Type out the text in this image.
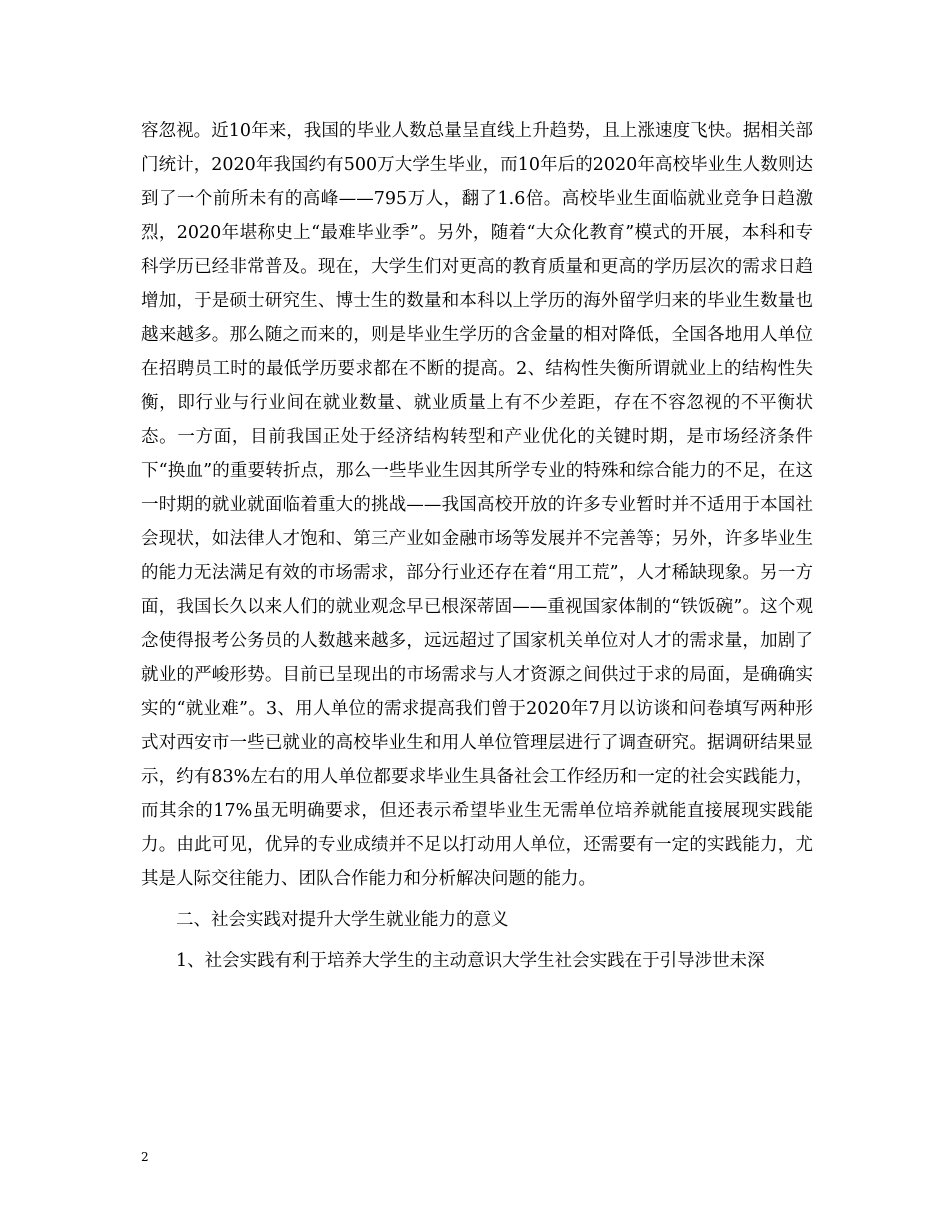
容忽视。近10年来，我国的毕业人数总量呈直线上升趋势，且上涨速度飞快。据相关部门统计，2020年我国约有500万大学生毕业，而10年后的2020年高校毕业生人数则达到了一个前所未有的高峰——795万人，翻了1.6倍。高校毕业生面临就业竞争日趋激烈，2020年堪称史上“最难毕业季”。另外，随着“大众化教育”模式的开展，本科和专科学历已经非常普及。现在，大学生们对更高的教育质量和更高的学历层次的需求日趋增加，于是硕士研究生、博士生的数量和本科以上学历的海外留学归来的毕业生数量也越来越多。那么随之而来的，则是毕业生学历的含金量的相对降低，全国各地用人单位在招聘员工时的最低学历要求都在不断的提高。2、结构性失衡所谓就业上的结构性失衡，即行业与行业间在就业数量、就业质量上有不少差距，存在不容忽视的不平衡状态。一方面，目前我国正处于经济结构转型和产业优化的关键时期，是市场经济条件下“换血”的重要转折点，那么一些毕业生因其所学专业的特殊和综合能力的不足，在这一时期的就业就面临着重大的挑战——我国高校开放的许多专业暂时并不适用于本国社会现状，如法律人才饱和、第三产业如金融市场等发展并不完善等；另外，许多毕业生的能力无法满足有效的市场需求，部分行业还存在着“用工荒”，人才稀缺现象。另一方面，我国长久以来人们的就业观念早已根深蒂固——重视国家体制的“铁饭碗”。这个观念使得报考公务员的人数越来越多，远远超过了国家机关单位对人才的需求量，加剧了就业的严峻形势。目前已呈现出的市场需求与人才资源之间供过于求的局面，是确确实实的“就业难”。3、用人单位的需求提高我们曾于2020年7月以访谈和问卷填写两种形式对西安市一些已就业的高校毕业生和用人单位管理层进行了调查研究。据调研结果显示，约有83%左右的用人单位都要求毕业生具备社会工作经历和一定的社会实践能力，而其余的17%虽无明确要求，但还表示希望毕业生无需单位培养就能直接展现实践能力。由此可见，优异的专业成绩并不足以打动用人单位，还需要有一定的实践能力，尤其是人际交往能力、团队合作能力和分析解决问题的能力。

二、社会实践对提升大学生就业能力的意义

1、社会实践有利于培养大学生的主动意识大学生社会实践在于引导涉世未深

2
